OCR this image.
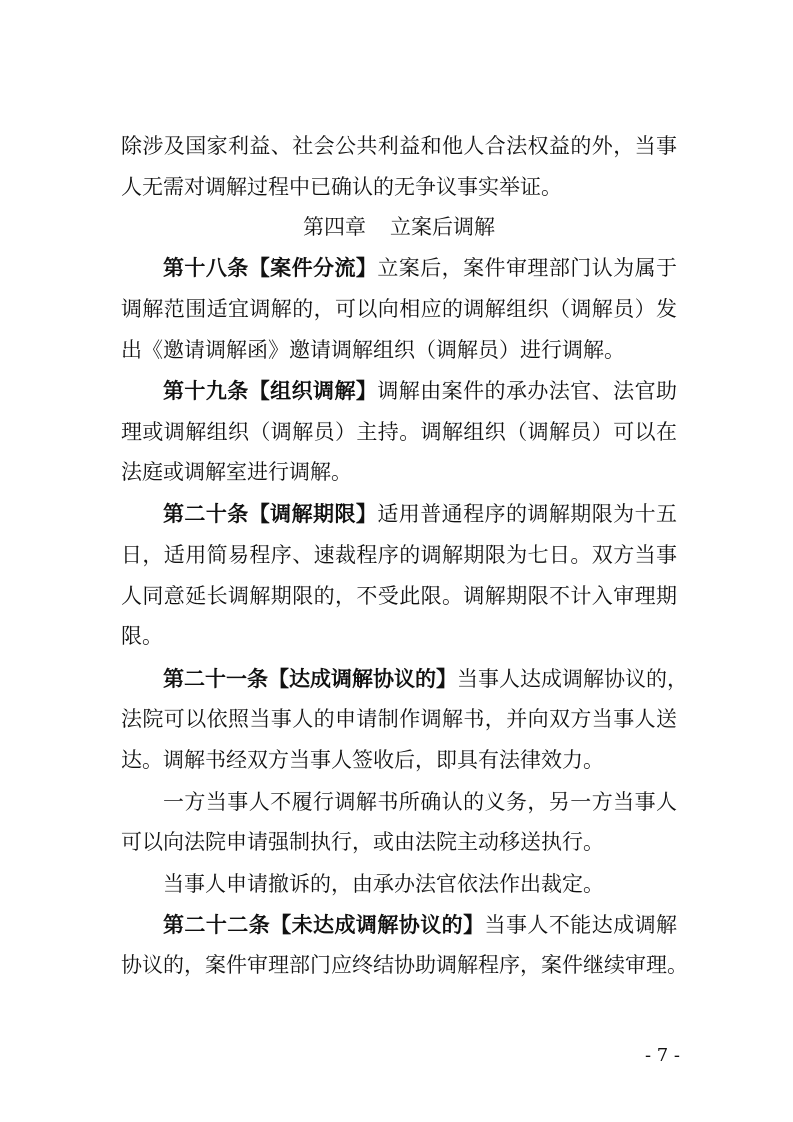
除涉及国家利益、社会公共利益和他人合法权益的外，当事
人无需对调解过程中已确认的无争议事实举证。
第四章 立案后调解
第十八条【案件分流】立案后，案件审理部门认为属于
调解范围适宜调解的，可以向相应的调解组织（调解员）发
出《邀请调解函》邀请调解组织（调解员）进行调解。
第十九条【组织调解】调解由案件的承办法官、法官助
理或调解组织（调解员）主持。调解组织（调解员）可以在
法庭或调解室进行调解。
第二十条【调解期限】适用普通程序的调解期限为十五
日，适用简易程序、速裁程序的调解期限为七日。双方当事
人同意延长调解期限的，不受此限。调解期限不计入审理期
限。
第二十一条【达成调解协议的】当事人达成调解协议的，
法院可以依照当事人的申请制作调解书，并向双方当事人送
达。调解书经双方当事人签收后，即具有法律效力。
一方当事人不履行调解书所确认的义务，另一方当事人
可以向法院申请强制执行，或由法院主动移送执行。
当事人申请撤诉的，由承办法官依法作出裁定。
第二十二条【未达成调解协议的】当事人不能达成调解
协议的，案件审理部门应终结协助调解程序，案件继续审理。
- 7 -
